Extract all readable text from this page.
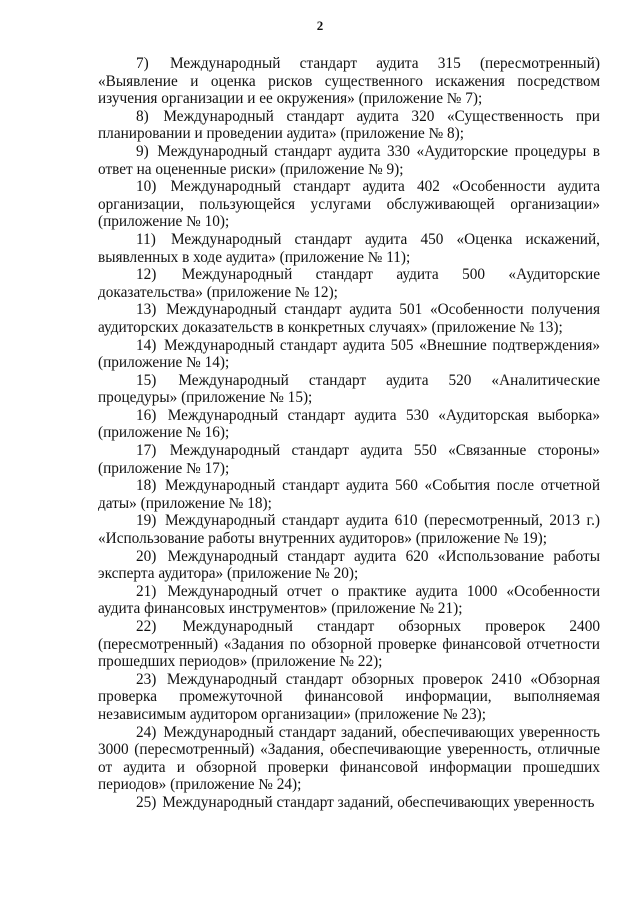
2
7) Международный стандарт аудита 315 (пересмотренный)
«Выявление и оценка рисков существенного искажения посредством
изучения организации и ее окружения» (приложение № 7);
8) Международный стандарт аудита 320 «Существенность при
планировании и проведении аудита» (приложение № 8);
9) Международный стандарт аудита 330 «Аудиторские процедуры в
ответ на оцененные риски» (приложение № 9);
10) Международный стандарт аудита 402 «Особенности аудита
организации, пользующейся услугами обслуживающей организации»
(приложение № 10);
11) Международный стандарт аудита 450 «Оценка искажений,
выявленных в ходе аудита» (приложение № 11);
12) Международный стандарт аудита 500 «Аудиторские
доказательства» (приложение № 12);
13) Международный стандарт аудита 501 «Особенности получения
аудиторских доказательств в конкретных случаях» (приложение № 13);
14) Международный стандарт аудита 505 «Внешние подтверждения»
(приложение № 14);
15) Международный стандарт аудита 520 «Аналитические
процедуры» (приложение № 15);
16) Международный стандарт аудита 530 «Аудиторская выборка»
(приложение № 16);
17) Международный стандарт аудита 550 «Связанные стороны»
(приложение № 17);
18) Международный стандарт аудита 560 «События после отчетной
даты» (приложение № 18);
19) Международный стандарт аудита 610 (пересмотренный, 2013 г.)
«Использование работы внутренних аудиторов» (приложение № 19);
20) Международный стандарт аудита 620 «Использование работы
эксперта аудитора» (приложение № 20);
21) Международный отчет о практике аудита 1000 «Особенности
аудита финансовых инструментов» (приложение № 21);
22) Международный стандарт обзорных проверок 2400
(пересмотренный) «Задания по обзорной проверке финансовой отчетности
прошедших периодов» (приложение № 22);
23) Международный стандарт обзорных проверок 2410 «Обзорная
проверка промежуточной финансовой информации, выполняемая
независимым аудитором организации» (приложение № 23);
24) Международный стандарт заданий, обеспечивающих уверенность
3000 (пересмотренный) «Задания, обеспечивающие уверенность, отличные
от аудита и обзорной проверки финансовой информации прошедших
периодов» (приложение № 24);
25) Международный стандарт заданий, обеспечивающих уверенность
